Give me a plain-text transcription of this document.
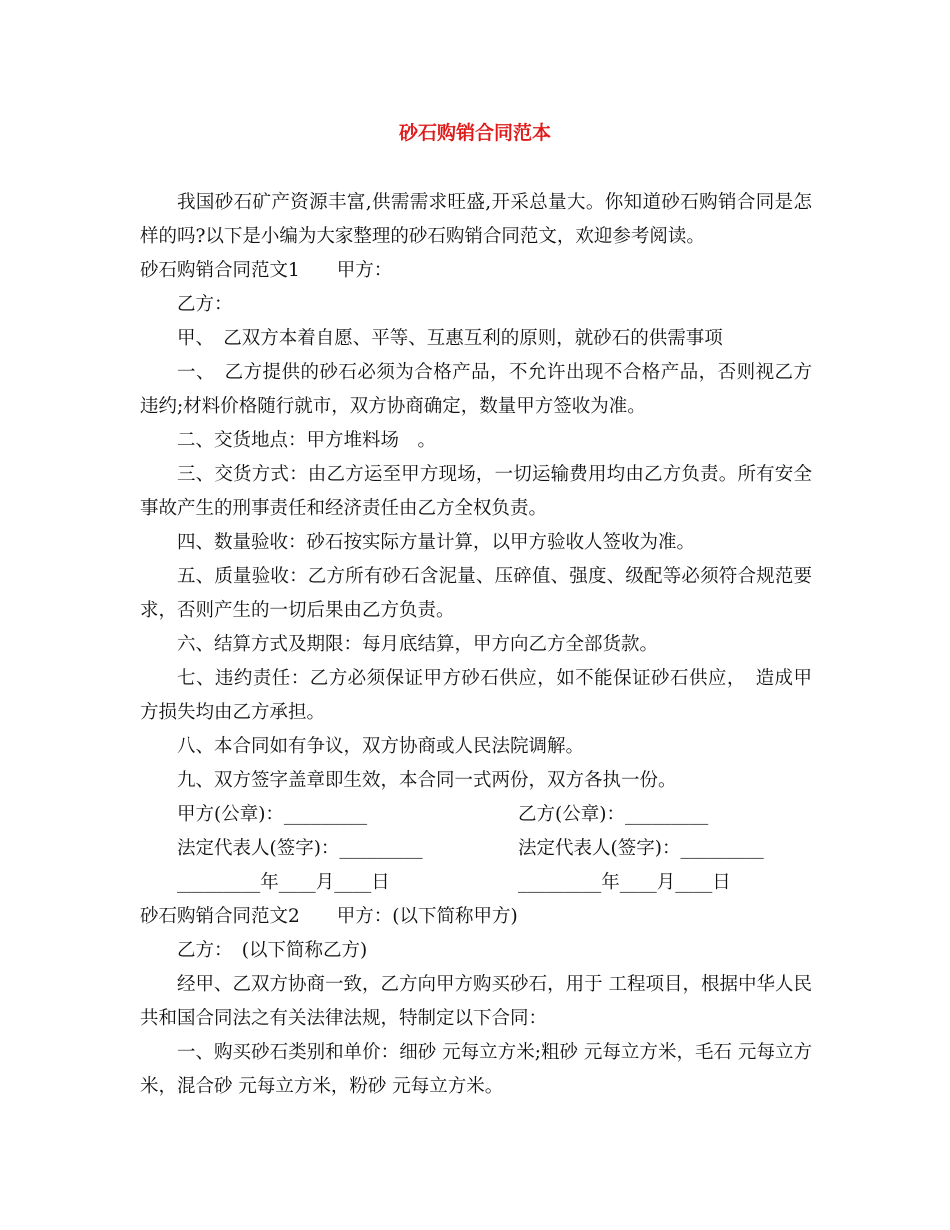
砂石购销合同范本

我国砂石矿产资源丰富,供需需求旺盛,开采总量大。你知道砂石购销合同是怎样的吗?以下是小编为大家整理的砂石购销合同范文，欢迎参考阅读。

砂石购销合同范文1　　甲方：

乙方：

甲、　乙双方本着自愿、平等、互惠互利的原则，就砂石的供需事项

一、　乙方提供的砂石必须为合格产品，不允许出现不合格产品，否则视乙方违约;材料价格随行就市，双方协商确定，数量甲方签收为准。

二、交货地点：甲方堆料场　。

三、交货方式：由乙方运至甲方现场，一切运输费用均由乙方负责。所有安全事故产生的刑事责任和经济责任由乙方全权负责。

四、数量验收：砂石按实际方量计算，以甲方验收人签收为准。

五、质量验收：乙方所有砂石含泥量、压碎值、强度、级配等必须符合规范要求，否则产生的一切后果由乙方负责。

六、结算方式及期限：每月底结算，甲方向乙方全部货款。

七、违约责任：乙方必须保证甲方砂石供应，如不能保证砂石供应，　造成甲方损失均由乙方承担。

八、本合同如有争议，双方协商或人民法院调解。

九、双方签字盖章即生效，本合同一式两份，双方各执一份。

甲方(公章)：_________	乙方(公章)：_________
法定代表人(签字)：_________	法定代表人(签字)：_________
_________年____月____日	_________年____月____日

砂石购销合同范文2　　甲方：(以下简称甲方)

乙方：　(以下简称乙方)

经甲、乙双方协商一致，乙方向甲方购买砂石，用于 工程项目，根据中华人民共和国合同法之有关法律法规，特制定以下合同：

一、购买砂石类别和单价：细砂 元每立方米;粗砂 元每立方米，毛石 元每立方米，混合砂 元每立方米，粉砂 元每立方米。
